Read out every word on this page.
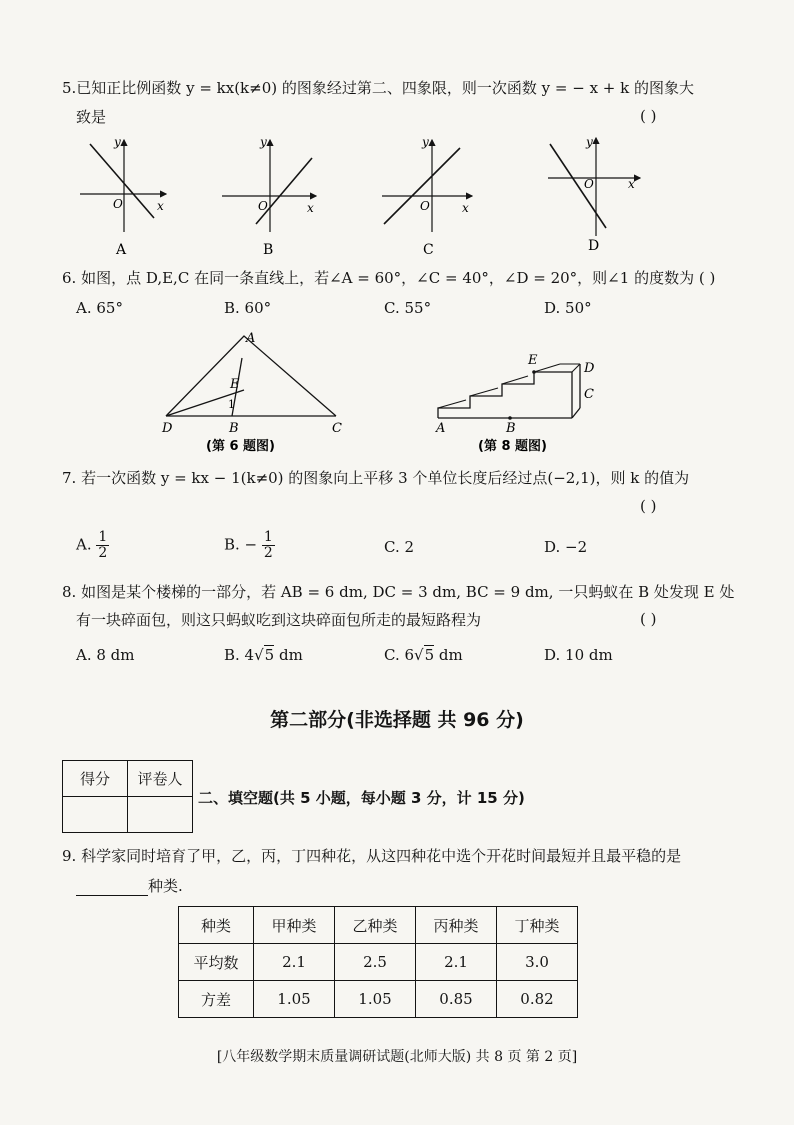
5.已知正比例函数 y = kx(k≠0) 的图象经过第二、四象限，则一次函数 y = − x + k 的图象大
致是	( )
y
x
O
A
y
x
O
B
y
x
O
C
y
x
O
D
6. 如图，点 D,E,C 在同一条直线上，若∠A = 60°，∠C = 40°，∠D = 20°，则∠1 的度数为 ( )
A. 65°	B. 60°	C. 55°	D. 50°
A
E
1
D	B	C
(第 6 题图)
E
D
C
A	B
(第 8 题图)
7. 若一次函数 y = kx − 1(k≠0) 的图象向上平移 3 个单位长度后经过点(−2,1)，则 k 的值为
( )
A. $\frac{1}{2}$	B. − $\frac{1}{2}$	C. 2	D. −2
8. 如图是某个楼梯的一部分，若 AB = 6 dm, DC = 3 dm, BC = 9 dm, 一只蚂蚁在 B 处发现 E 处
有一块碎面包，则这只蚂蚁吃到这块碎面包所走的最短路程为	( )
A. 8 dm	B. 4√5 dm	C. 6√5 dm	D. 10 dm
第二部分(非选择题 共 96 分)
得分	评卷人

二、填空题(共 5 小题，每小题 3 分，计 15 分)
9. 科学家同时培育了甲，乙，丙，丁四种花，从这四种花中选个开花时间最短并且最平稳的是
种类.
种类	甲种类	乙种类	丙种类	丁种类
平均数	2.1	2.5	2.1	3.0
方差	1.05	1.05	0.85	0.82
[八年级数学期末质量调研试题(北师大版) 共 8 页 第 2 页]
